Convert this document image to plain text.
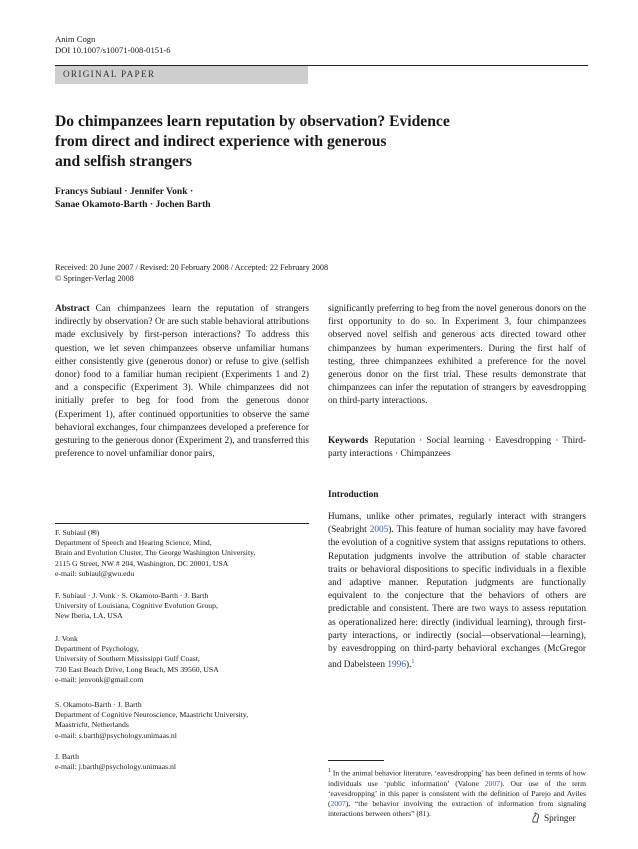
Anim Cogn
DOI 10.1007/s10071-008-0151-6
ORIGINAL PAPER
Do chimpanzees learn reputation by observation? Evidence
from direct and indirect experience with generous
and selfish strangers
Francys Subiaul · Jennifer Vonk ·
Sanae Okamoto-Barth · Jochen Barth
Received: 20 June 2007 / Revised: 20 February 2008 / Accepted: 22 February 2008
© Springer-Verlag 2008
Abstract Can chimpanzees learn the reputation of strangers indirectly by observation? Or are such stable behavioral attributions made exclusively by first-person interactions? To address this question, we let seven chimpanzees observe unfamiliar humans either consistently give (generous donor) or refuse to give (selfish donor) food to a familiar human recipient (Experiments 1 and 2) and a conspecific (Experiment 3). While chimpanzees did not initially prefer to beg for food from the generous donor (Experiment 1), after continued opportunities to observe the same behavioral exchanges, four chimpanzees developed a preference for gesturing to the generous donor (Experiment 2), and transferred this preference to novel unfamiliar donor pairs,
significantly preferring to beg from the novel generous donors on the first opportunity to do so. In Experiment 3, four chimpanzees observed novel selfish and generous acts directed toward other chimpanzees by human experimenters. During the first half of testing, three chimpanzees exhibited a preference for the novel generous donor on the first trial. These results demonstrate that chimpanzees can infer the reputation of strangers by eavesdropping on third-party interactions.
Keywords Reputation · Social learning · Eavesdropping · Third-party interactions · Chimpanzees
Introduction
Humans, unlike other primates, regularly interact with strangers (Seabright 2005). This feature of human sociality may have favored the evolution of a cognitive system that assigns reputations to others. Reputation judgments involve the attribution of stable character traits or behavioral dispositions to specific individuals in a flexible and adaptive manner. Reputation judgments are functionally equivalent to the conjecture that the behaviors of others are predictable and consistent. There are two ways to assess reputation as operationalized here: directly (individual learning), through first-party interactions, or indirectly (social—observational—learning), by eavesdropping on third-party behavioral exchanges (McGregor and Dabelsteen 1996).$^1$
F. Subiaul (✉)
Department of Speech and Hearing Science, Mind,
Brain and Evolution Cluster, The George Washington University,
2115 G Street, NW # 204, Washington, DC 20001, USA
e-mail: subiaul@gwu.edu
F. Subiaul · J. Vonk · S. Okamoto-Barth · J. Barth
University of Louisiana, Cognitive Evolution Group,
New Iberia, LA, USA
J. Vonk
Department of Psychology,
University of Southern Mississippi Gulf Coast,
730 East Beach Drive, Long Beach, MS 39560, USA
e-mail: jenvonk@gmail.com
S. Okamoto-Barth · J. Barth
Department of Cognitive Neuroscience, Maastricht University,
Maastricht, Netherlands
e-mail: s.barth@psychology.unimaas.nl
J. Barth
e-mail: j.barth@psychology.unimaas.nl	$^1$ In the animal behavior literature, ‘eavesdropping’ has been defined in terms of how individuals use ‘public information’ (Valone 2007). Our use of the term ‘eavesdropping’ in this paper is consistent with the definition of Parejo and Aviles (2007), “the behavior involving the extraction of information from signaling interactions between others” (81).	Springer
